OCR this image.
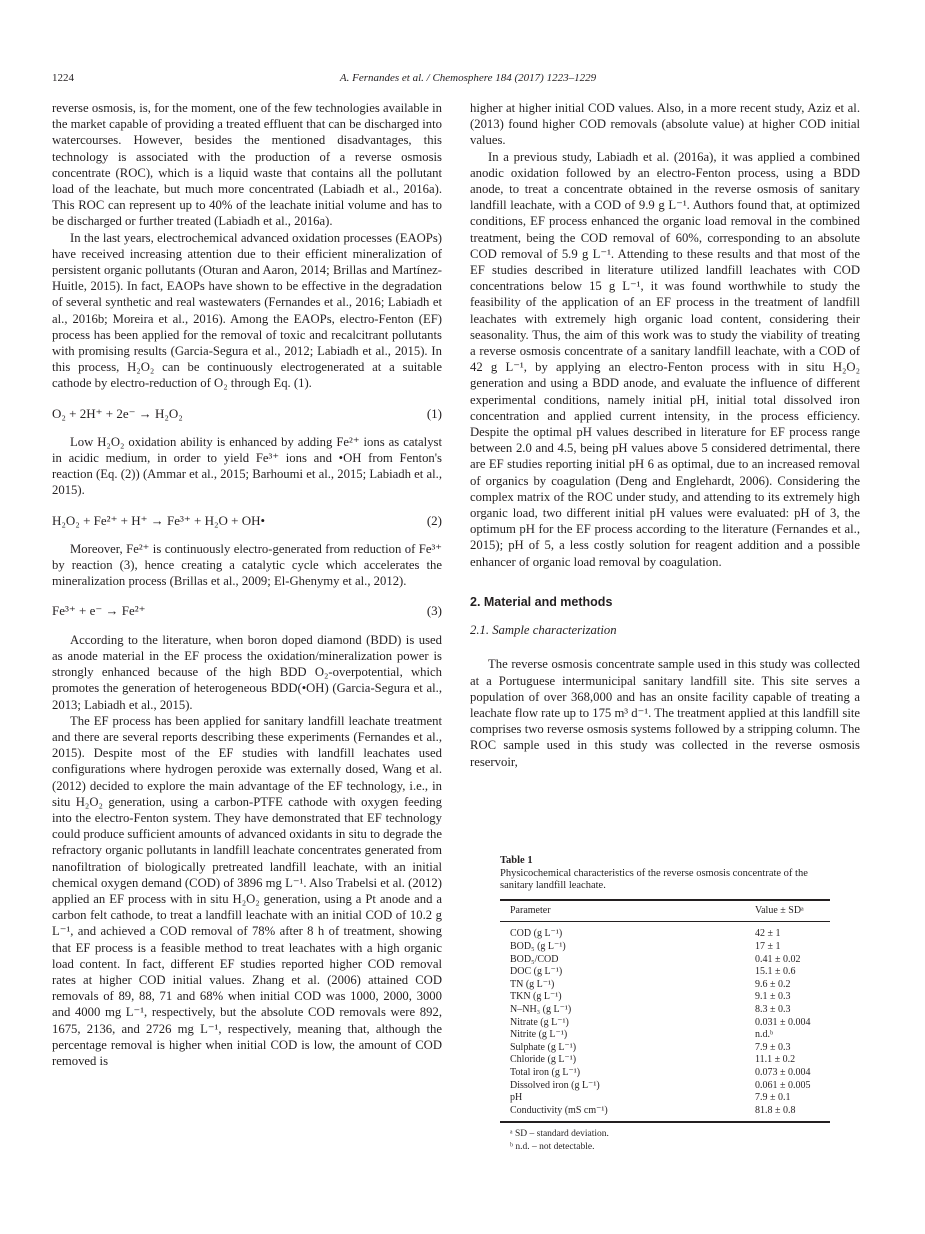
1224	A. Fernandes et al. / Chemosphere 184 (2017) 1223–1229

reverse osmosis, is, for the moment, one of the few technologies available in the market capable of providing a treated effluent that can be discharged into watercourses. However, besides the mentioned disadvantages, this technology is associated with the production of a reverse osmosis concentrate (ROC), which is a liquid waste that contains all the pollutant load of the leachate, but much more concentrated (Labiadh et al., 2016a). This ROC can represent up to 40% of the leachate initial volume and has to be discharged or further treated (Labiadh et al., 2016a).

In the last years, electrochemical advanced oxidation processes (EAOPs) have received increasing attention due to their efficient mineralization of persistent organic pollutants (Oturan and Aaron, 2014; Brillas and Martínez-Huitle, 2015). In fact, EAOPs have shown to be effective in the degradation of several synthetic and real wastewaters (Fernandes et al., 2016; Labiadh et al., 2016b; Moreira et al., 2016). Among the EAOPs, electro-Fenton (EF) process has been applied for the removal of toxic and recalcitrant pollutants with promising results (Garcia-Segura et al., 2012; Labiadh et al., 2015). In this process, H₂O₂ can be continuously electrogenerated at a suitable cathode by electro-reduction of O₂ through Eq. (1).

O₂ + 2H⁺ + 2e⁻ → H₂O₂	(1)

Low H₂O₂ oxidation ability is enhanced by adding Fe²⁺ ions as catalyst in acidic medium, in order to yield Fe³⁺ ions and •OH from Fenton's reaction (Eq. (2)) (Ammar et al., 2015; Barhoumi et al., 2015; Labiadh et al., 2015).

H₂O₂ + Fe²⁺ + H⁺ → Fe³⁺ + H₂O + OH•	(2)

Moreover, Fe²⁺ is continuously electro-generated from reduction of Fe³⁺ by reaction (3), hence creating a catalytic cycle which accelerates the mineralization process (Brillas et al., 2009; El-Ghenymy et al., 2012).

Fe³⁺ + e⁻ → Fe²⁺	(3)

According to the literature, when boron doped diamond (BDD) is used as anode material in the EF process the oxidation/mineralization power is strongly enhanced because of the high BDD O₂-overpotential, which promotes the generation of heterogeneous BDD(•OH) (Garcia-Segura et al., 2013; Labiadh et al., 2015).

The EF process has been applied for sanitary landfill leachate treatment and there are several reports describing these experiments (Fernandes et al., 2015). Despite most of the EF studies with landfill leachates used configurations where hydrogen peroxide was externally dosed, Wang et al. (2012) decided to explore the main advantage of the EF technology, i.e., in situ H₂O₂ generation, using a carbon-PTFE cathode with oxygen feeding into the electro-Fenton system. They have demonstrated that EF technology could produce sufficient amounts of advanced oxidants in situ to degrade the refractory organic pollutants in landfill leachate concentrates generated from nanofiltration of biologically pretreated landfill leachate, with an initial chemical oxygen demand (COD) of 3896 mg L⁻¹. Also Trabelsi et al. (2012) applied an EF process with in situ H₂O₂ generation, using a Pt anode and a carbon felt cathode, to treat a landfill leachate with an initial COD of 10.2 g L⁻¹, and achieved a COD removal of 78% after 8 h of treatment, showing that EF process is a feasible method to treat leachates with a high organic load content. In fact, different EF studies reported higher COD removal rates at higher COD initial values. Zhang et al. (2006) attained COD removals of 89, 88, 71 and 68% when initial COD was 1000, 2000, 3000 and 4000 mg L⁻¹, respectively, but the absolute COD removals were 892, 1675, 2136, and 2726 mg L⁻¹, respectively, meaning that, although the percentage removal is higher when initial COD is low, the amount of COD removed is

higher at higher initial COD values. Also, in a more recent study, Aziz et al. (2013) found higher COD removals (absolute value) at higher COD initial values.

In a previous study, Labiadh et al. (2016a), it was applied a combined anodic oxidation followed by an electro-Fenton process, using a BDD anode, to treat a concentrate obtained in the reverse osmosis of sanitary landfill leachate, with a COD of 9.9 g L⁻¹. Authors found that, at optimized conditions, EF process enhanced the organic load removal in the combined treatment, being the COD removal of 60%, corresponding to an absolute COD removal of 5.9 g L⁻¹. Attending to these results and that most of the EF studies described in literature utilized landfill leachates with COD concentrations below 15 g L⁻¹, it was found worthwhile to study the feasibility of the application of an EF process in the treatment of landfill leachates with extremely high organic load content, considering their seasonality. Thus, the aim of this work was to study the viability of treating a reverse osmosis concentrate of a sanitary landfill leachate, with a COD of 42 g L⁻¹, by applying an electro-Fenton process with in situ H₂O₂ generation and using a BDD anode, and evaluate the influence of different experimental conditions, namely initial pH, initial total dissolved iron concentration and applied current intensity, in the process efficiency. Despite the optimal pH values described in literature for EF process range between 2.0 and 4.5, being pH values above 5 considered detrimental, there are EF studies reporting initial pH 6 as optimal, due to an increased removal of organics by coagulation (Deng and Englehardt, 2006). Considering the complex matrix of the ROC under study, and attending to its extremely high organic load, two different initial pH values were evaluated: pH of 3, the optimum pH for the EF process according to the literature (Fernandes et al., 2015); pH of 5, a less costly solution for reagent addition and a possible enhancer of organic load removal by coagulation.

2. Material and methods
2.1. Sample characterization

The reverse osmosis concentrate sample used in this study was collected at a Portuguese intermunicipal sanitary landfill site. This site serves a population of over 368,000 and has an onsite facility capable of treating a leachate flow rate up to 175 m³ d⁻¹. The treatment applied at this landfill site comprises two reverse osmosis systems followed by a stripping column. The ROC sample used in this study was collected in the reverse osmosis reservoir,

Table 1
Physicochemical characteristics of the reverse osmosis concentrate of the sanitary landfill leachate.
Parameter	Value ± SDᵃ
COD (g L⁻¹)	42 ± 1
BOD₅ (g L⁻¹)	17 ± 1
BOD₅/COD	0.41 ± 0.02
DOC (g L⁻¹)	15.1 ± 0.6
TN (g L⁻¹)	9.6 ± 0.2
TKN (g L⁻¹)	9.1 ± 0.3
N–NH₃ (g L⁻¹)	8.3 ± 0.3
Nitrate (g L⁻¹)	0.031 ± 0.004
Nitrite (g L⁻¹)	n.d.ᵇ
Sulphate (g L⁻¹)	7.9 ± 0.3
Chloride (g L⁻¹)	11.1 ± 0.2
Total iron (g L⁻¹)	0.073 ± 0.004
Dissolved iron (g L⁻¹)	0.061 ± 0.005
pH	7.9 ± 0.1
Conductivity (mS cm⁻¹)	81.8 ± 0.8
ᵃ SD – standard deviation.
ᵇ n.d. – not detectable.
